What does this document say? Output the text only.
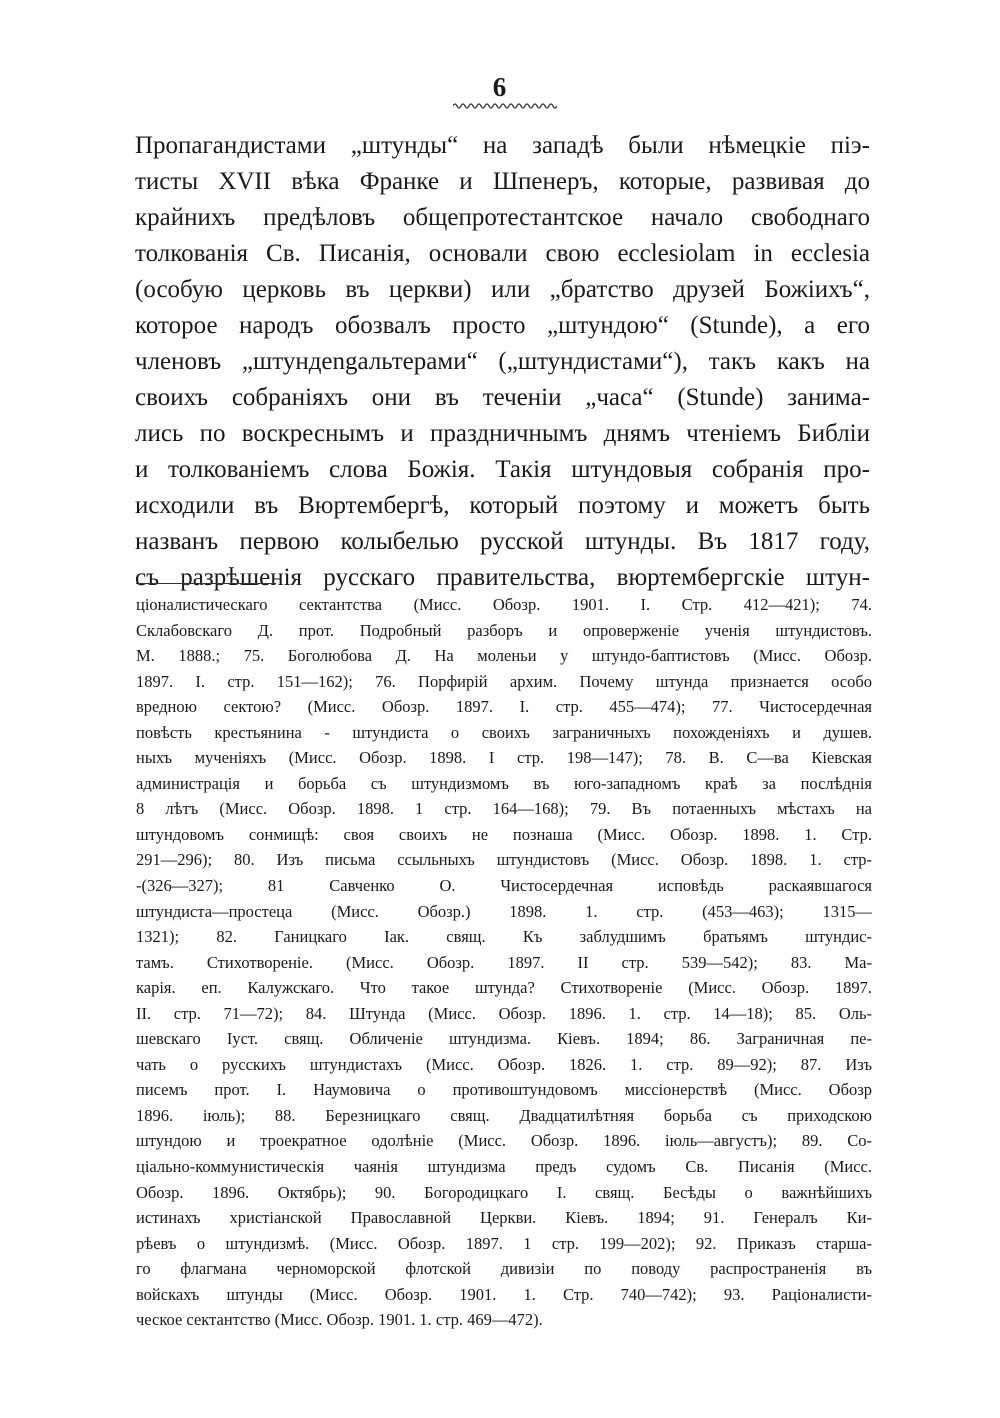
6
Пропагандистами „штунды“ на западѣ были нѣмецкіе піэ-
тисты XVII вѣка Франке и Шпенеръ, которые, развивая до
крайнихъ предѣловъ общепротестантское начало свободнаго
толкованія Св. Писанія, основали свою ecclesiolam in ecclesia
(особую церковь въ церкви) или „братство друзей Божіихъ“,
которое народъ обозвалъ просто „штундою“ (Stunde), а его
членовъ „штундengальтерами“ („штундистами“), такъ какъ на
своихъ собраніяхъ они въ теченіи „часа“ (Stunde) занима-
лись по воскреснымъ и праздничнымъ днямъ чтеніемъ Библіи
и толкованіемъ слова Божія. Такія штундовыя собранія про-
исходили въ Вюртембергѣ, который поэтому и можетъ быть
названъ первою колыбелью русской штунды. Въ 1817 году,
съ разрѣшенія русскаго правительства, вюртембергскіе штун-
ціоналистическаго сектантства (Мисс. Обозр. 1901. I. Стр. 412—421); 74.
Склабовскаго Д. прот. Подробный разборъ и опроверженіе ученія штундистовъ.
М. 1888.; 75. Боголюбова Д. На моленьи у штундо-баптистовъ (Мисс. Обозр.
1897. I. стр. 151—162); 76. Порфирій архим. Почему штунда признается особо
вредною сектою? (Мисс. Обозр. 1897. I. стр. 455—474); 77. Чистосердечная
повѣсть крестьянина - штундиста о своихъ заграничныхъ похожденіяхъ и душев.
ныхъ мученіяхъ (Мисс. Обозр. 1898. I стр. 198—147); 78. В. С—ва Кіевская
администрація и борьба съ штундизмомъ въ юго-западномъ краѣ за послѣднія
8 лѣтъ (Мисс. Обозр. 1898. 1 стр. 164—168); 79. Въ потаенныхъ мѣстахъ на
штундовомъ сонмищѣ: своя своихъ не познаша (Мисс. Обозр. 1898. 1. Стр.
291—296); 80. Изъ письма ссыльныхъ штундистовъ (Мисс. Обозр. 1898. 1. стр-
-(326—327); 81 Савченко О. Чистосердечная исповѣдь раскаявшагося
штундиста—простеца (Мисс. Обозр.) 1898. 1. стр. (453—463); 1315—
1321); 82. Ганицкаго Іак. свящ. Къ заблудшимъ братьямъ штундис-
тамъ. Стихотвореніе. (Мисс. Обозр. 1897. II стр. 539—542); 83. Ма-
карія. еп. Калужскаго. Что такое штунда? Стихотвореніе (Мисс. Обозр. 1897.
II. стр. 71—72); 84. Штунда (Мисс. Обозр. 1896. 1. стр. 14—18); 85. Оль-
шевскаго Іуст. свящ. Обличеніе штундизма. Кіевъ. 1894; 86. Заграничная пе-
чать о русскихъ штундистахъ (Мисс. Обозр. 1826. 1. стр. 89—92); 87. Изъ
писемъ прот. І. Наумовича о противоштундовомъ миссіонерствѣ (Мисс. Обозр
1896. іюль); 88. Березницкаго свящ. Двадцатилѣтняя борьба съ приходскою
штундою и троекратное одолѣніе (Мисс. Обозр. 1896. іюль—августъ); 89. Со-
ціально-коммунистическія чаянія штундизма предъ судомъ Св. Писанія (Мисс.
Обозр. 1896. Октябрь); 90. Богородицкаго І. свящ. Бесѣды о важнѣйшихъ
истинахъ христіанской Православной Церкви. Кіевъ. 1894; 91. Генералъ Ки-
рѣевъ о штундизмѣ. (Мисс. Обозр. 1897. 1 стр. 199—202); 92. Приказъ старша-
го флагмана черноморской флотской дивизіи по поводу распространенія въ
войскахъ штунды (Мисс. Обозр. 1901. 1. Стр. 740—742); 93. Раціоналисти-
ческое сектантство (Мисс. Обозр. 1901. 1. стр. 469—472).
